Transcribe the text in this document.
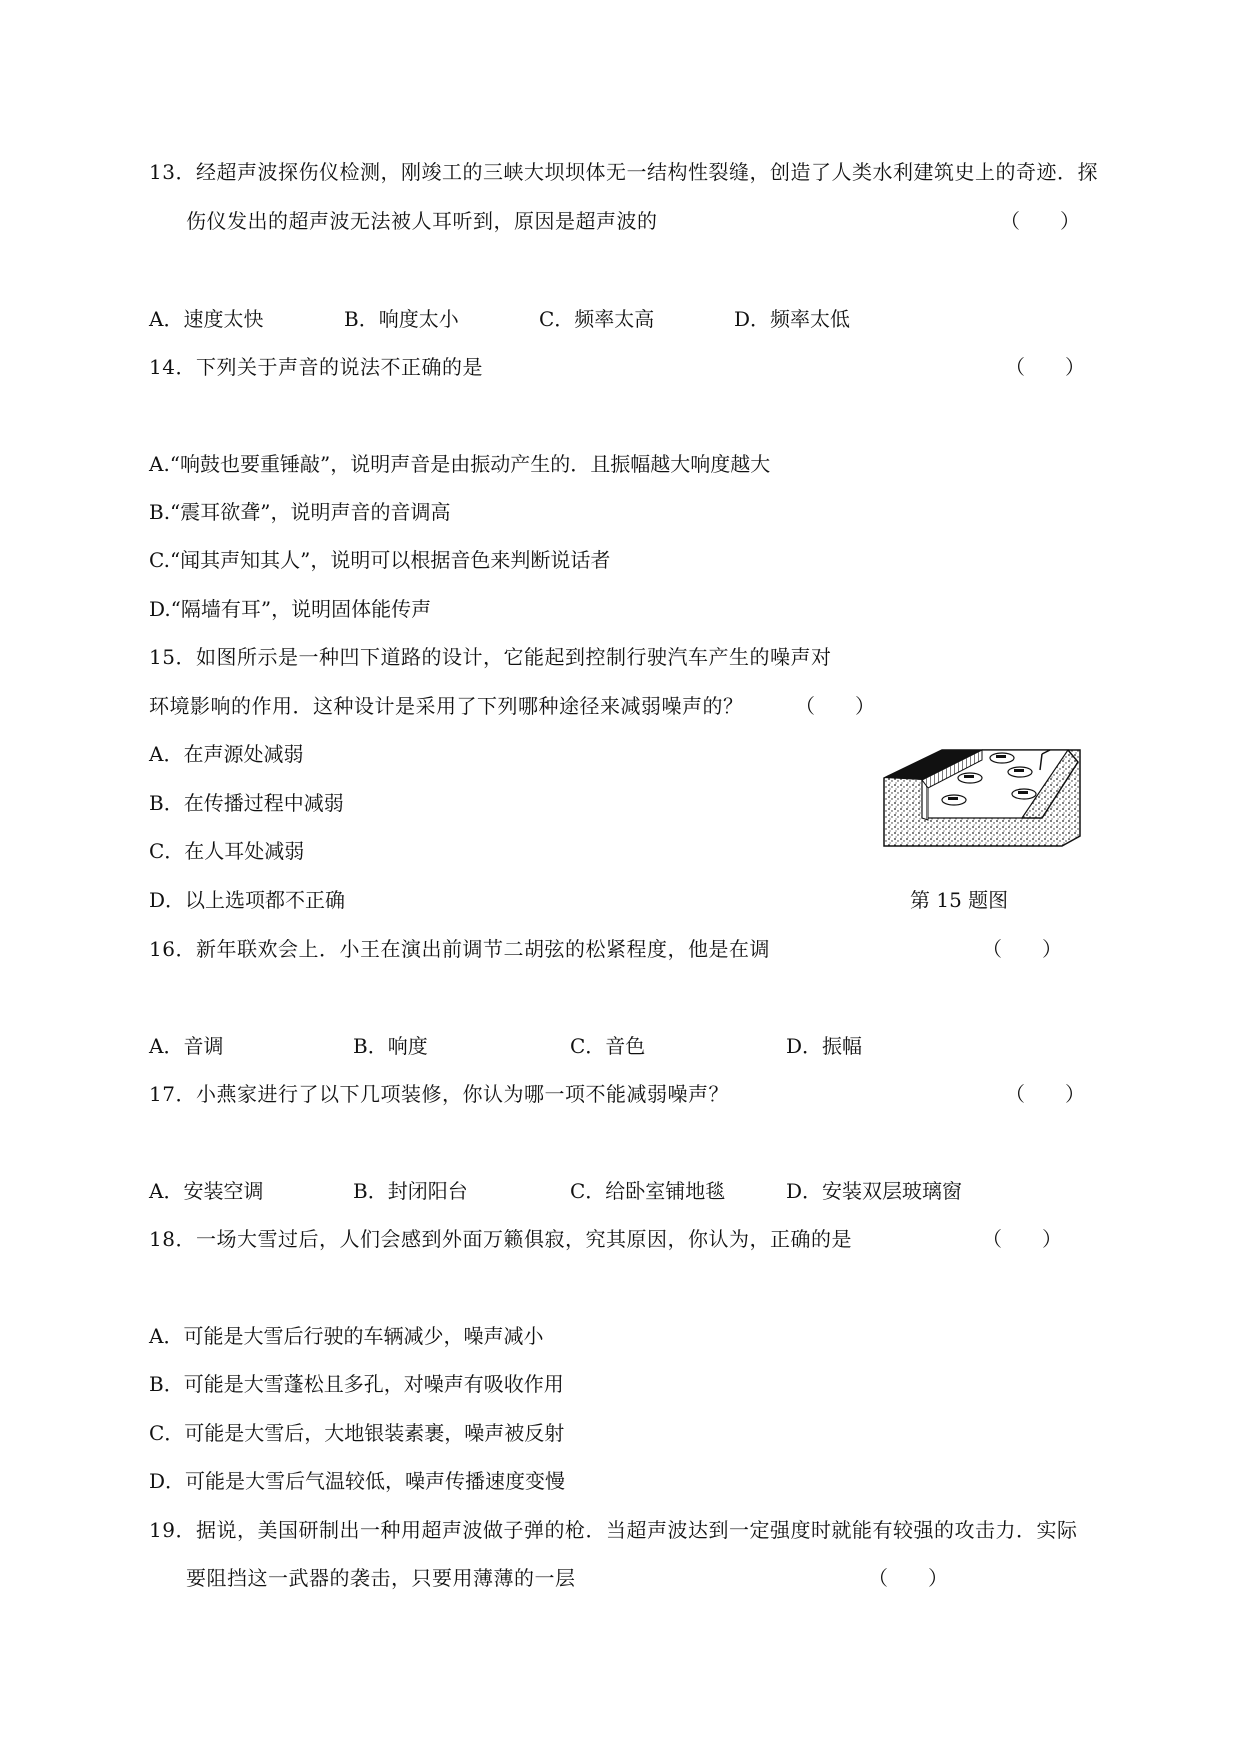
13．经超声波探伤仪检测，刚竣工的三峡大坝坝体无一结构性裂缝，创造了人类水利建筑史上的奇迹．探
伤仪发出的超声波无法被人耳听到，原因是超声波的	（　　）
A．速度太快	B．响度太小	C．频率太高	D．频率太低
14．下列关于声音的说法不正确的是	（　　）
A.“响鼓也要重锤敲”，说明声音是由振动产生的．且振幅越大响度越大
B.“震耳欲聋”，说明声音的音调高
C.“闻其声知其人”，说明可以根据音色来判断说话者
D.“隔墙有耳”，说明固体能传声
15．如图所示是一种凹下道路的设计，它能起到控制行驶汽车产生的噪声对
环境影响的作用．这种设计是采用了下列哪种途径来减弱噪声的？	（　　）
A．在声源处减弱
B．在传播过程中减弱
C．在人耳处减弱
D．以上选项都不正确	第 15 题图
16．新年联欢会上．小王在演出前调节二胡弦的松紧程度，他是在调	（　　）
A．音调	B．响度	C．音色	D．振幅
17．小燕家进行了以下几项装修，你认为哪一项不能减弱噪声？	（　　）
A．安装空调	B．封闭阳台	C．给卧室铺地毯	D．安装双层玻璃窗
18．一场大雪过后，人们会感到外面万籁俱寂，究其原因，你认为，正确的是	（　　）
A．可能是大雪后行驶的车辆减少，噪声减小
B．可能是大雪蓬松且多孔，对噪声有吸收作用
C．可能是大雪后，大地银装素裹，噪声被反射
D．可能是大雪后气温较低，噪声传播速度变慢
19．据说，美国研制出一种用超声波做子弹的枪．当超声波达到一定强度时就能有较强的攻击力．实际
要阻挡这一武器的袭击，只要用薄薄的一层	（　　）
